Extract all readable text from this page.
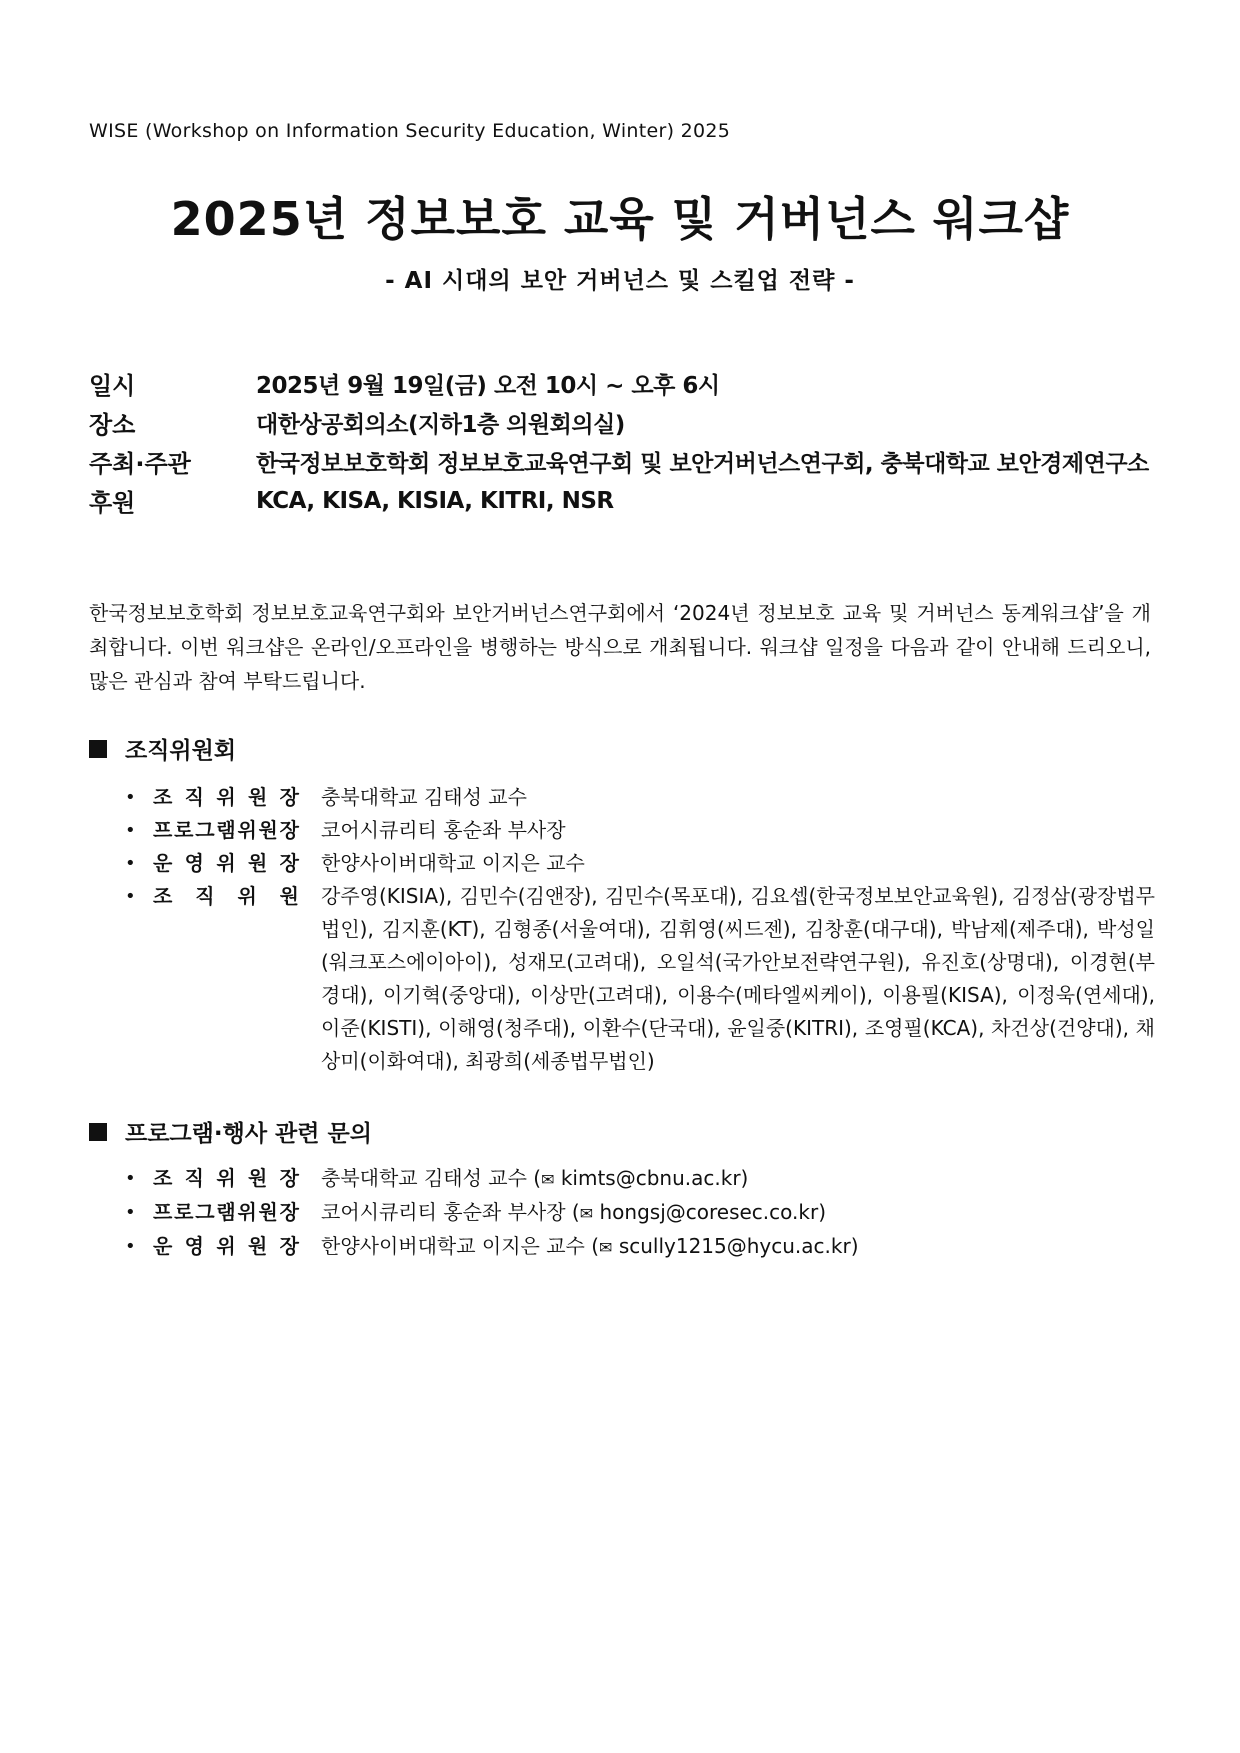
WISE (Workshop on Information Security Education, Winter) 2025
2025년 정보보호 교육 및 거버넌스 워크샵
- AI 시대의 보안 거버넌스 및 스킬업 전략 -
일시	2025년 9월 19일(금) 오전 10시 ~ 오후 6시
장소	대한상공회의소(지하1층 의원회의실)
주최·주관	한국정보보호학회 정보보호교육연구회 및 보안거버넌스연구회, 충북대학교 보안경제연구소
후원	KCA, KISA, KISIA, KITRI, NSR
한국정보보호학회 정보보호교육연구회와 보안거버넌스연구회에서 ‘2024년 정보보호 교육 및 거버넌스 동계워크샵’을 개최합니다. 이번 워크샵은 온라인/오프라인을 병행하는 방식으로 개최됩니다. 워크샵 일정을 다음과 같이 안내해 드리오니, 많은 관심과 참여 부탁드립니다.
조직위원회
• 조 직 위 원 장 충북대학교 김태성 교수
• 프 로 그 램 위 원 장 코어시큐리티 홍순좌 부사장
• 운 영 위 원 장 한양사이버대학교 이지은 교수
• 조 직 위 원 강주영(KISIA), 김민수(김앤장), 김민수(목포대), 김요셉(한국정보보안교육원), 김정삼(광장법무법인), 김지훈(KT), 김형종(서울여대), 김휘영(씨드젠), 김창훈(대구대), 박남제(제주대), 박성일(워크포스에이아이), 성재모(고려대), 오일석(국가안보전략연구원), 유진호(상명대), 이경현(부경대), 이기혁(중앙대), 이상만(고려대), 이용수(메타엘씨케이), 이용필(KISA), 이정욱(연세대), 이준(KISTI), 이해영(청주대), 이환수(단국대), 윤일중(KITRI), 조영필(KCA), 차건상(건양대), 채상미(이화여대), 최광희(세종법무법인)
프로그램·행사 관련 문의
• 조 직 위 원 장 충북대학교 김태성 교수 (✉ kimts@cbnu.ac.kr)
• 프 로 그 램 위 원 장 코어시큐리티 홍순좌 부사장 (✉ hongsj@coresec.co.kr)
• 운 영 위 원 장 한양사이버대학교 이지은 교수 (✉ scully1215@hycu.ac.kr)
